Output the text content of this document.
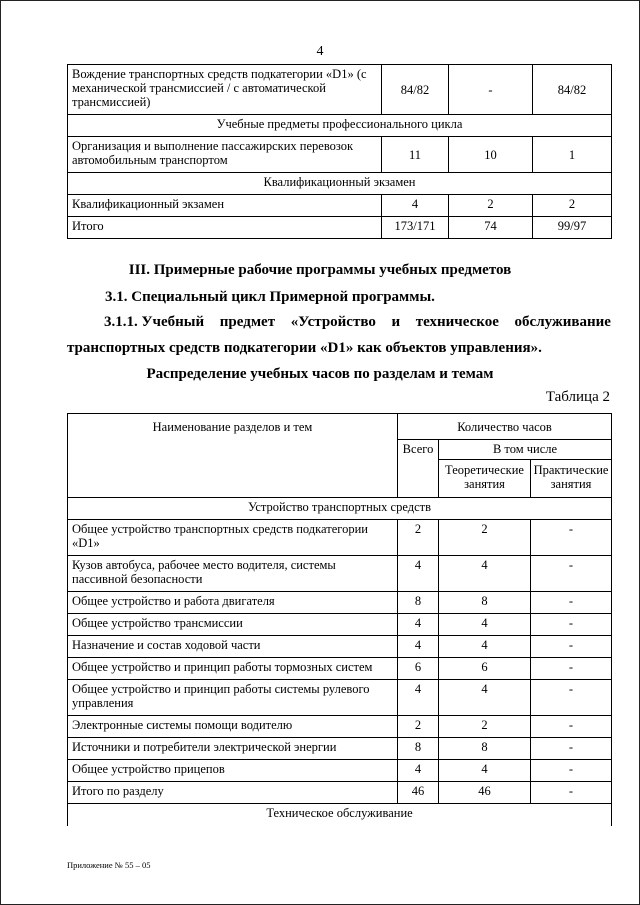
4
Вождение транспортных средств подкатегории «D1» (с механической трансмиссией / с автоматической трансмиссией)	84/82	-	84/82
Учебные предметы профессионального цикла			
Организация и выполнение пассажирских перевозок автомобильным транспортом	11	10	1
Квалификационный экзамен			
Квалификационный экзамен	4	2	2
Итого	173/171	74	99/97
III. Примерные рабочие программы учебных предметов
3.1. Специальный цикл Примерной программы.
3.1.1. Учебный предмет «Устройство и техническое обслуживание
транспортных средств подкатегории «D1» как объектов управления».
Распределение учебных часов по разделам и темам
Таблица 2
Наименование разделов и тем	Количество часов		
	Всего	В том числе	
		Теоретические занятия	Практические занятия
Устройство транспортных средств			
Общее устройство транспортных средств подкатегории «D1»	2	2	-
Кузов автобуса, рабочее место водителя, системы пассивной безопасности	4	4	-
Общее устройство и работа двигателя	8	8	-
Общее устройство трансмиссии	4	4	-
Назначение и состав ходовой части	4	4	-
Общее устройство и принцип работы тормозных систем	6	6	-
Общее устройство и принцип работы системы рулевого управления	4	4	-
Электронные системы помощи водителю	2	2	-
Источники и потребители электрической энергии	8	8	-
Общее устройство прицепов	4	4	-
Итого по разделу	46	46	-
Техническое обслуживание			
Приложение № 55 – 05
